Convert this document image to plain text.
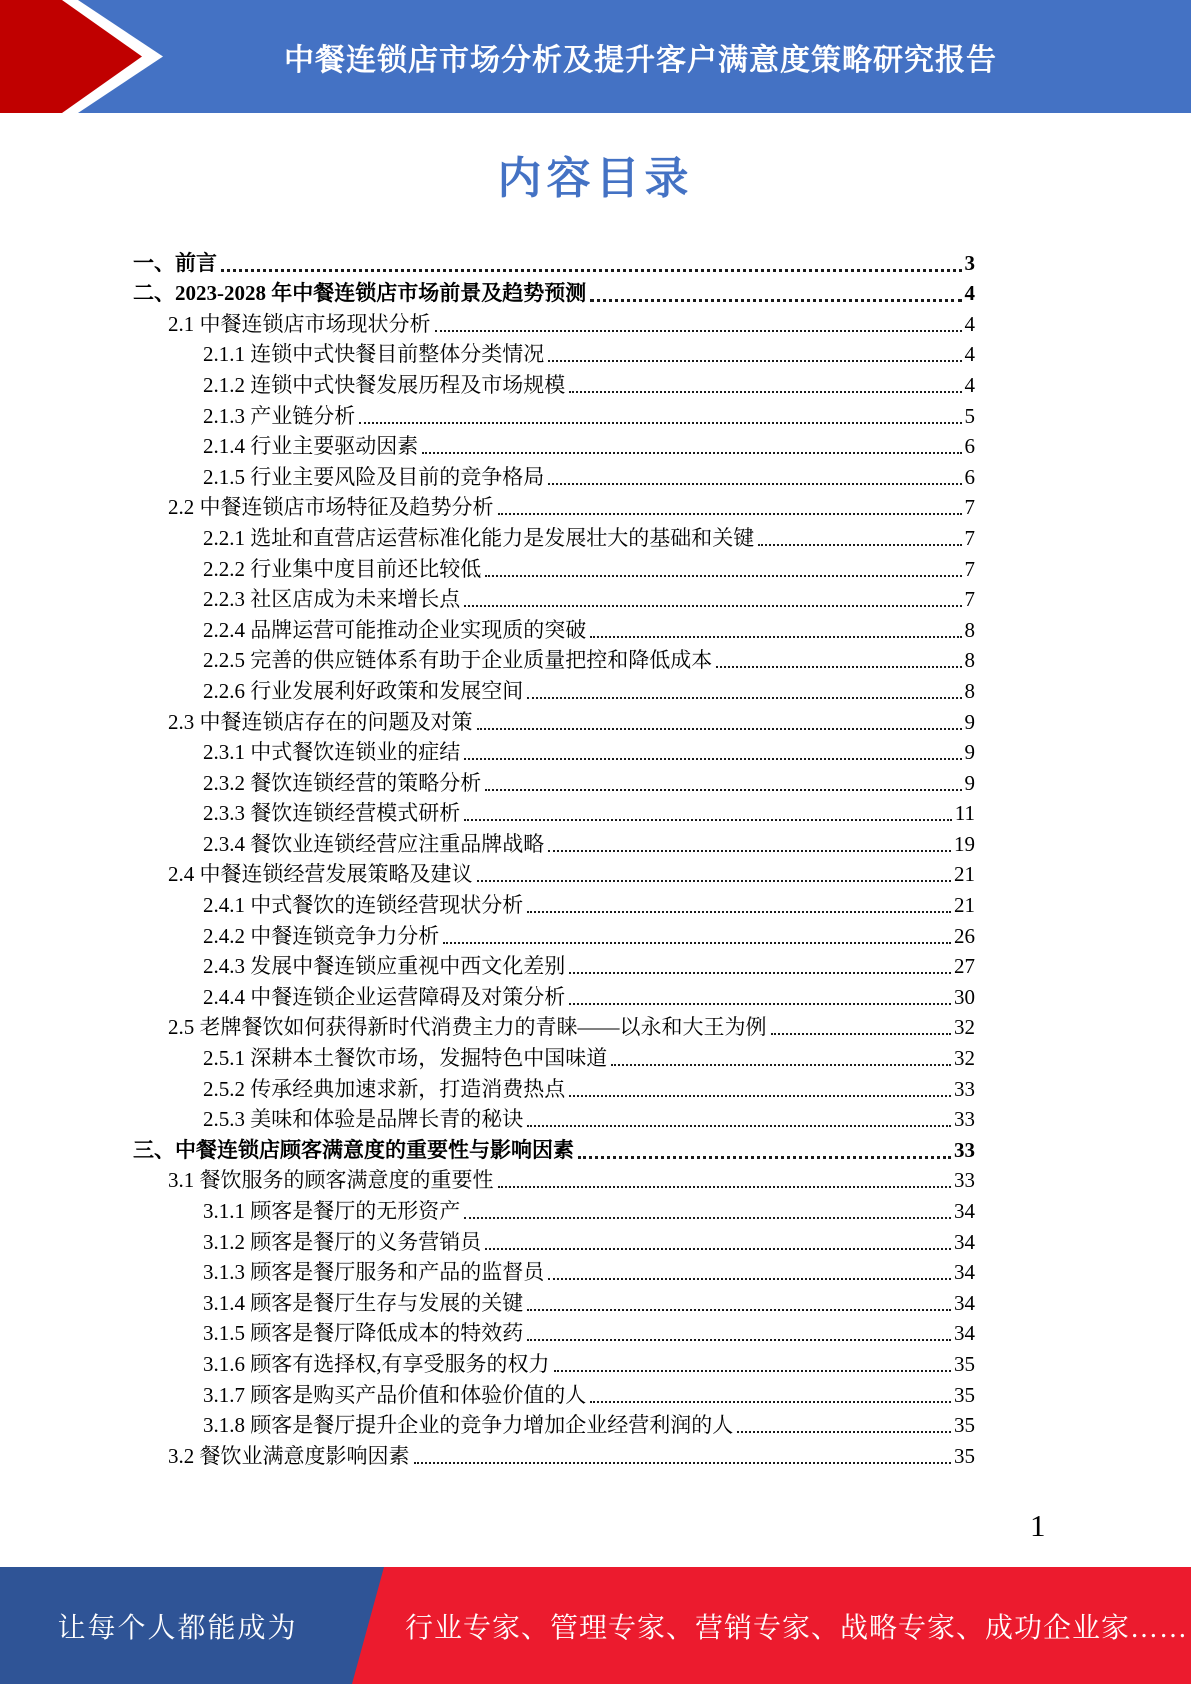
中餐连锁店市场分析及提升客户满意度策略研究报告
内容目录
一、前言	3
二、2023-2028 年中餐连锁店市场前景及趋势预测	4
2.1 中餐连锁店市场现状分析	4
2.1.1 连锁中式快餐目前整体分类情况	4
2.1.2 连锁中式快餐发展历程及市场规模	4
2.1.3 产业链分析	5
2.1.4 行业主要驱动因素	6
2.1.5 行业主要风险及目前的竞争格局	6
2.2 中餐连锁店市场特征及趋势分析	7
2.2.1 选址和直营店运营标准化能力是发展壮大的基础和关键	7
2.2.2 行业集中度目前还比较低	7
2.2.3 社区店成为未来增长点	7
2.2.4 品牌运营可能推动企业实现质的突破	8
2.2.5 完善的供应链体系有助于企业质量把控和降低成本	8
2.2.6 行业发展利好政策和发展空间	8
2.3 中餐连锁店存在的问题及对策	9
2.3.1 中式餐饮连锁业的症结	9
2.3.2 餐饮连锁经营的策略分析	9
2.3.3 餐饮连锁经营模式研析	11
2.3.4 餐饮业连锁经营应注重品牌战略	19
2.4 中餐连锁经营发展策略及建议	21
2.4.1 中式餐饮的连锁经营现状分析	21
2.4.2 中餐连锁竞争力分析	26
2.4.3 发展中餐连锁应重视中西文化差别	27
2.4.4 中餐连锁企业运营障碍及对策分析	30
2.5 老牌餐饮如何获得新时代消费主力的青睐——以永和大王为例	32
2.5.1 深耕本土餐饮市场，发掘特色中国味道	32
2.5.2 传承经典加速求新，打造消费热点	33
2.5.3 美味和体验是品牌长青的秘诀	33
三、中餐连锁店顾客满意度的重要性与影响因素	33
3.1 餐饮服务的顾客满意度的重要性	33
3.1.1 顾客是餐厅的无形资产	34
3.1.2 顾客是餐厅的义务营销员	34
3.1.3 顾客是餐厅服务和产品的监督员	34
3.1.4 顾客是餐厅生存与发展的关键	34
3.1.5 顾客是餐厅降低成本的特效药	34
3.1.6 顾客有选择权,有享受服务的权力	35
3.1.7 顾客是购买产品价值和体验价值的人	35
3.1.8 顾客是餐厅提升企业的竞争力增加企业经营利润的人	35
3.2 餐饮业满意度影响因素	35
1
让每个人都能成为	行业专家、管理专家、营销专家、战略专家、成功企业家……
